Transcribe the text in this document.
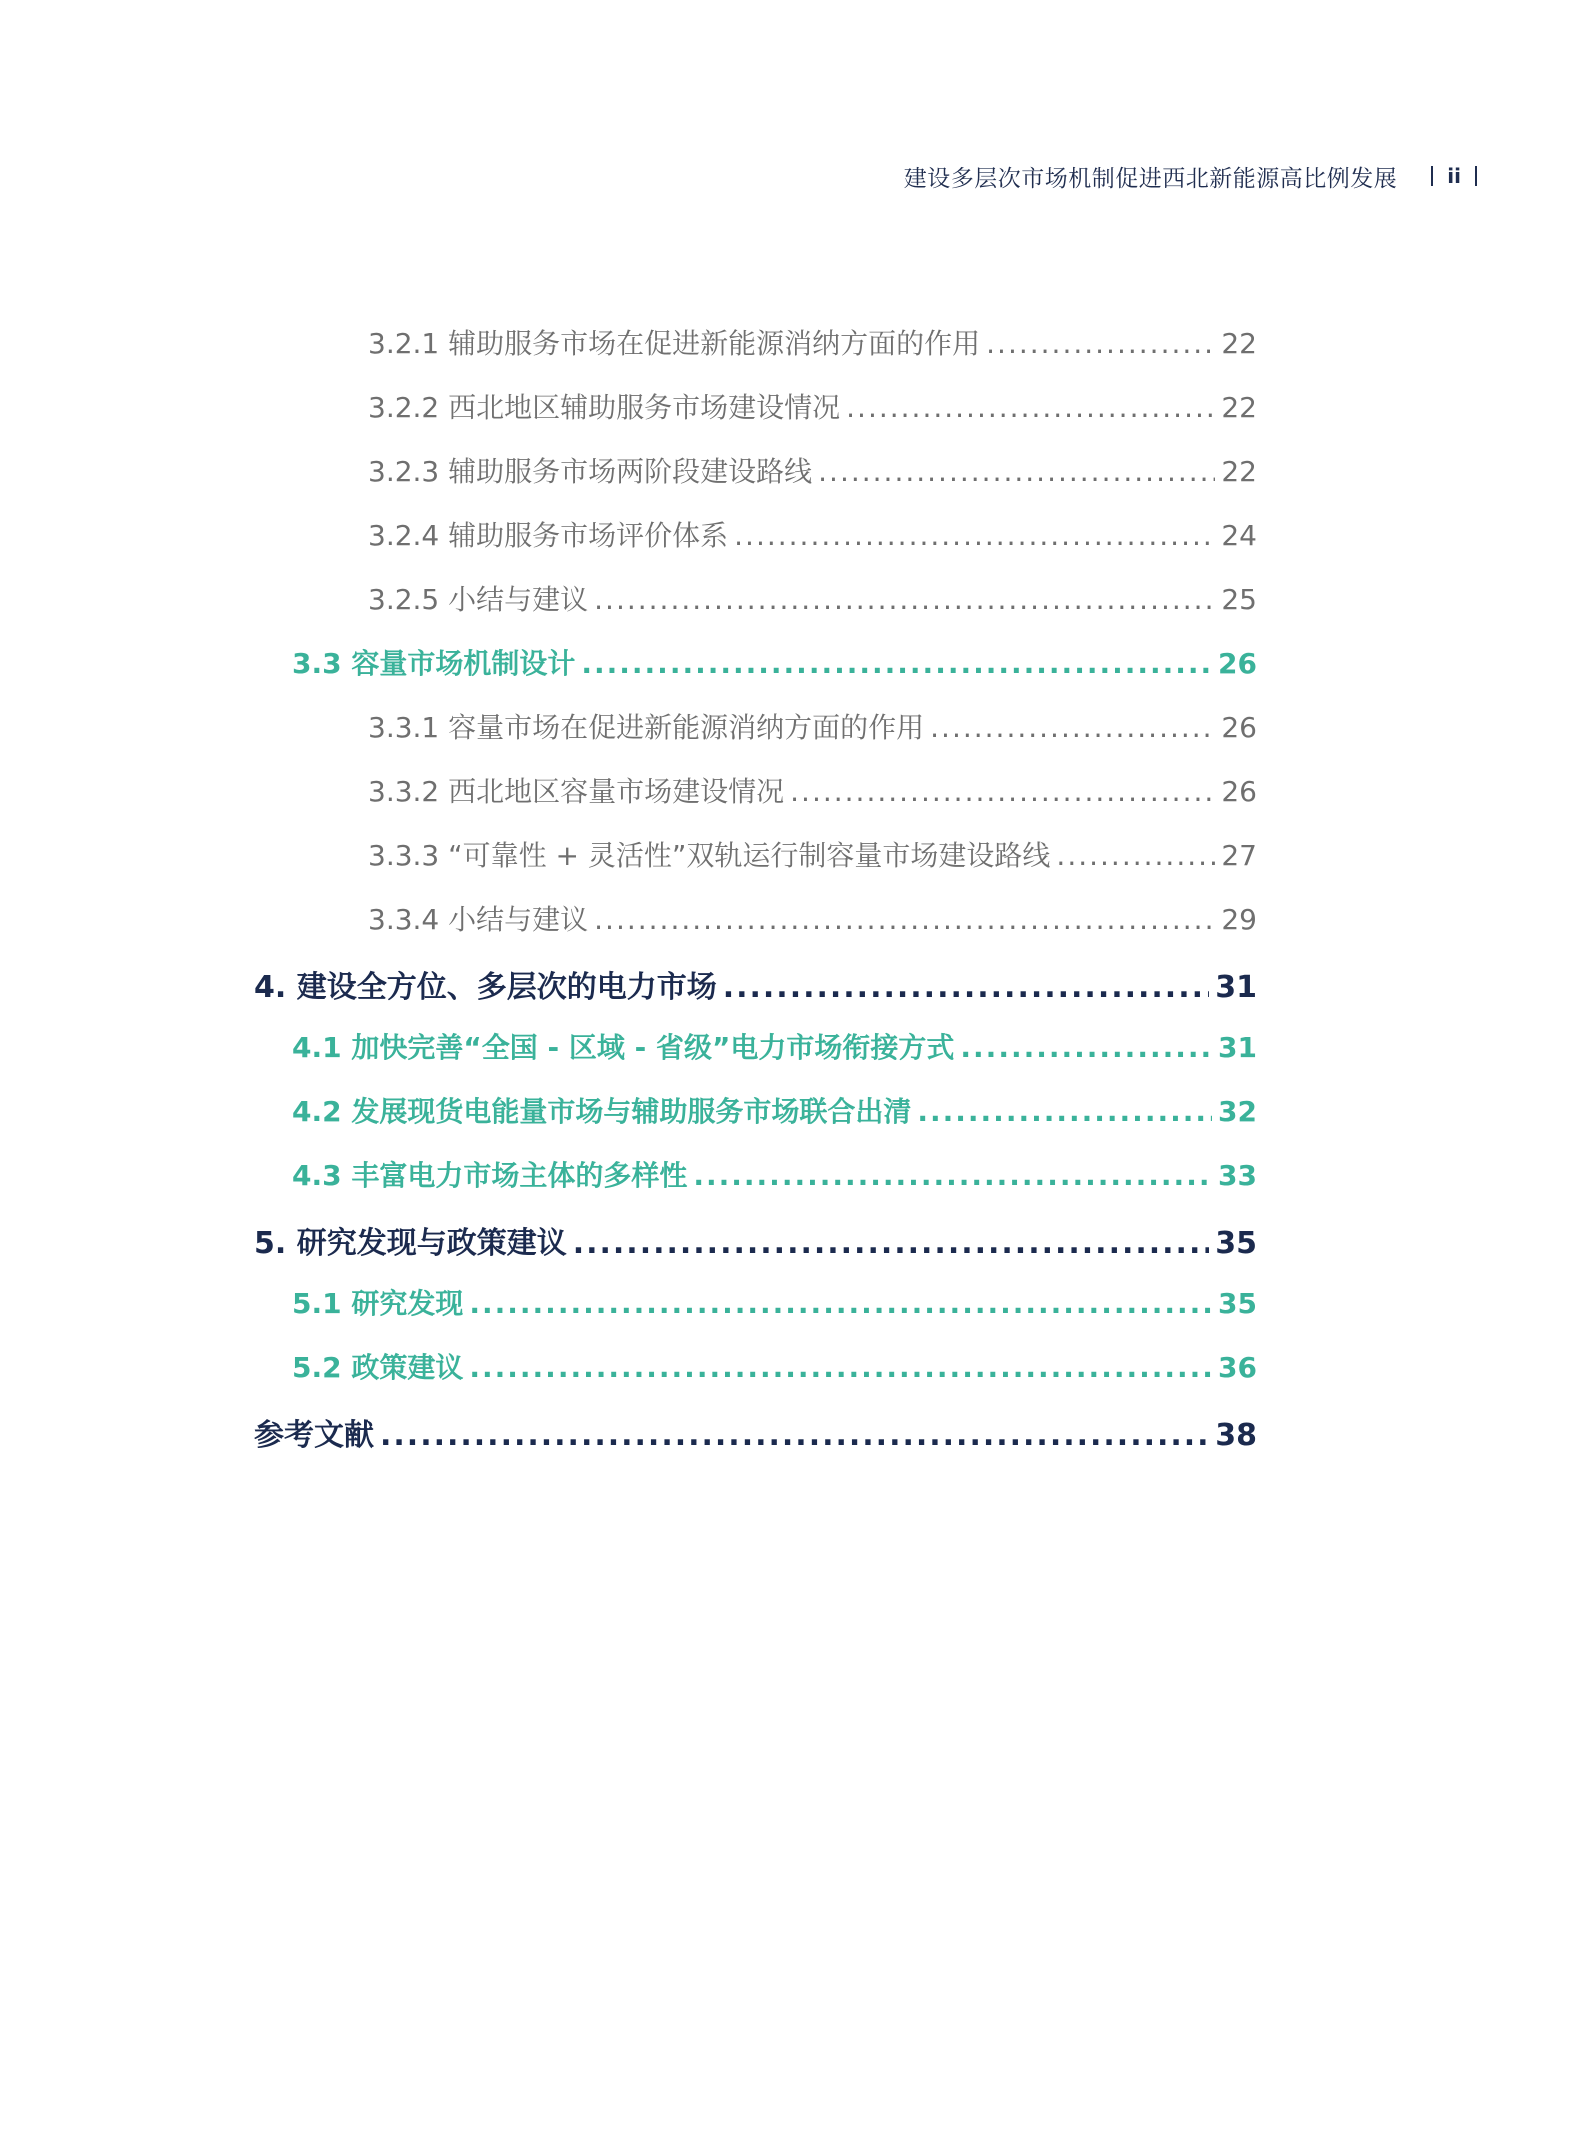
建设多层次市场机制促进西北新能源高比例发展	ii
3.2.1 辅助服务市场在促进新能源消纳方面的作用 .....	22
3.2.2 西北地区辅助服务市场建设情况 .....	22
3.2.3 辅助服务市场两阶段建设路线 .....	22
3.2.4 辅助服务市场评价体系 .....	24
3.2.5 小结与建议 .....	25
3.3 容量市场机制设计 .....	26
3.3.1 容量市场在促进新能源消纳方面的作用 .....	26
3.3.2 西北地区容量市场建设情况 .....	26
3.3.3 “可靠性 + 灵活性”双轨运行制容量市场建设路线 .....	27
3.3.4 小结与建议 .....	29
4. 建设全方位、多层次的电力市场 .....	31
4.1 加快完善“全国 - 区域 - 省级”电力市场衔接方式 .....	31
4.2 发展现货电能量市场与辅助服务市场联合出清 .....	32
4.3 丰富电力市场主体的多样性 .....	33
5. 研究发现与政策建议 .....	35
5.1 研究发现 .....	35
5.2 政策建议 .....	36
参考文献 .....	38
